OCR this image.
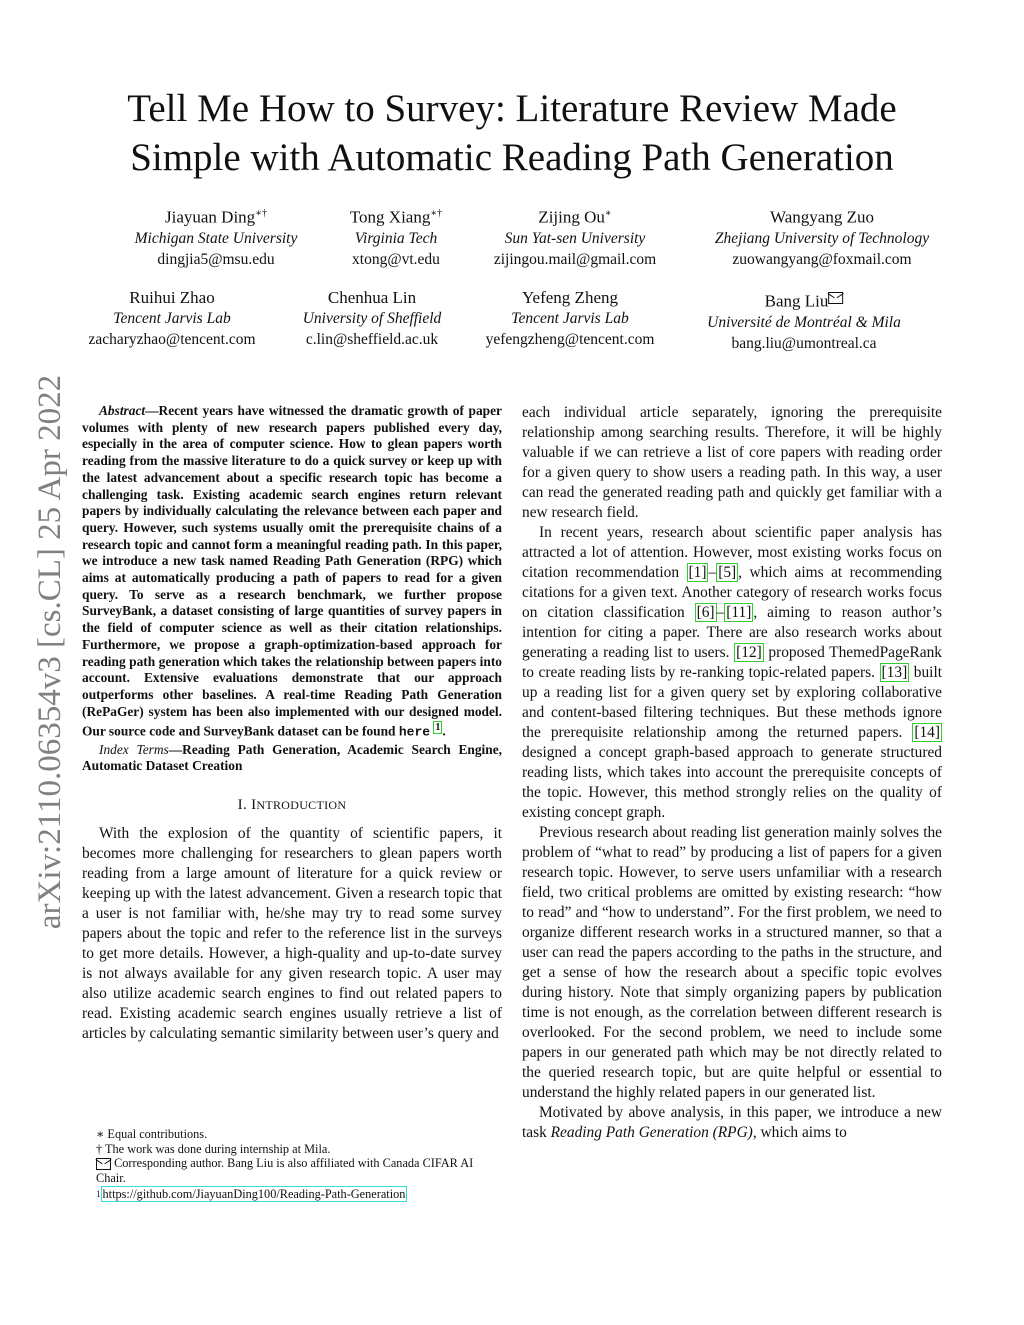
arXiv:2110.06354v3 [cs.CL] 25 Apr 2022
Tell Me How to Survey: Literature Review Made
Simple with Automatic Reading Path Generation
Jiayuan Ding∗†
Michigan State University
dingjia5@msu.edu
Tong Xiang∗†
Virginia Tech
xtong@vt.edu
Zijing Ou∗
Sun Yat-sen University
zijingou.mail@gmail.com
Wangyang Zuo
Zhejiang University of Technology
zuowangyang@foxmail.com
Ruihui Zhao
Tencent Jarvis Lab
zacharyzhao@tencent.com
Chenhua Lin
University of Sheffield
c.lin@sheffield.ac.uk
Yefeng Zheng
Tencent Jarvis Lab
yefengzheng@tencent.com
Bang Liu
Université de Montréal & Mila
bang.liu@umontreal.ca
Abstract—Recent years have witnessed the dramatic growth of paper volumes with plenty of new research papers published every day, especially in the area of computer science. How to glean papers worth reading from the massive literature to do a quick survey or keep up with the latest advancement about a specific research topic has become a challenging task. Existing academic search engines return relevant papers by individually calculating the relevance between each paper and query. However, such systems usually omit the prerequisite chains of a research topic and cannot form a meaningful reading path. In this paper, we introduce a new task named Reading Path Generation (RPG) which aims at automatically producing a path of papers to read for a given query. To serve as a research benchmark, we further propose SurveyBank, a dataset consisting of large quantities of survey papers in the field of computer science as well as their citation relationships. Furthermore, we propose a graph-optimization-based approach for reading path generation which takes the relationship between papers into account. Extensive evaluations demonstrate that our approach outperforms other baselines. A real-time Reading Path Generation (RePaGer) system has been also implemented with our designed model. Our source code and SurveyBank dataset can be found here $^1$ .
Index Terms—Reading Path Generation, Academic Search Engine, Automatic Dataset Creation
I. INTRODUCTION

With the explosion of the quantity of scientific papers, it becomes more challenging for researchers to glean papers worth reading from a large amount of literature for a quick review or keeping up with the latest advancement. Given a research topic that a user is not familiar with, he/she may try to read some survey papers about the topic and refer to the reference list in the surveys to get more details. However, a high-quality and up-to-date survey is not always available for any given research topic. A user may also utilize academic search engines to find out related papers to read. Existing academic search engines usually retrieve a list of articles by calculating semantic similarity between user’s query and

∗ Equal contributions.
† The work was done during internship at Mila.
Corresponding author. Bang Liu is also affiliated with Canada CIFAR AI Chair.
$^1$ https://github.com/JiayuanDing100/Reading-Path-Generation

each individual article separately, ignoring the prerequisite relationship among searching results. Therefore, it will be highly valuable if we can retrieve a list of core papers with reading order for a given query to show users a reading path. In this way, a user can read the generated reading path and quickly get familiar with a new research field.

In recent years, research about scientific paper analysis has attracted a lot of attention. However, most existing works focus on citation recommendation [1] – [5] , which aims at recommending citations for a given text. Another category of research works focus on citation classification [6] – [11] , aiming to reason author’s intention for citing a paper. There are also research works about generating a reading list to users. [12] proposed ThemedPageRank to create reading lists by re-ranking topic-related papers. [13] built up a reading list for a given query set by exploring collaborative and content-based filtering techniques. But these methods ignore the prerequisite relationship among the returned papers. [14] designed a concept graph-based approach to generate structured reading lists, which takes into account the prerequisite concepts of the topic. However, this method strongly relies on the quality of existing concept graph.

Previous research about reading list generation mainly solves the problem of “what to read” by producing a list of papers for a given research topic. However, to serve users unfamiliar with a research field, two critical problems are omitted by existing research: “how to read” and “how to understand”. For the first problem, we need to organize different research works in a structured manner, so that a user can read the papers according to the paths in the structure, and get a sense of how the research about a specific topic evolves during history. Note that simply organizing papers by publication time is not enough, as the correlation between different research is overlooked. For the second problem, we need to include some papers in our generated path which may be not directly related to the queried research topic, but are quite helpful or essential to understand the highly related papers in our generated list.

Motivated by above analysis, in this paper, we introduce a new task Reading Path Generation (RPG), which aims to
